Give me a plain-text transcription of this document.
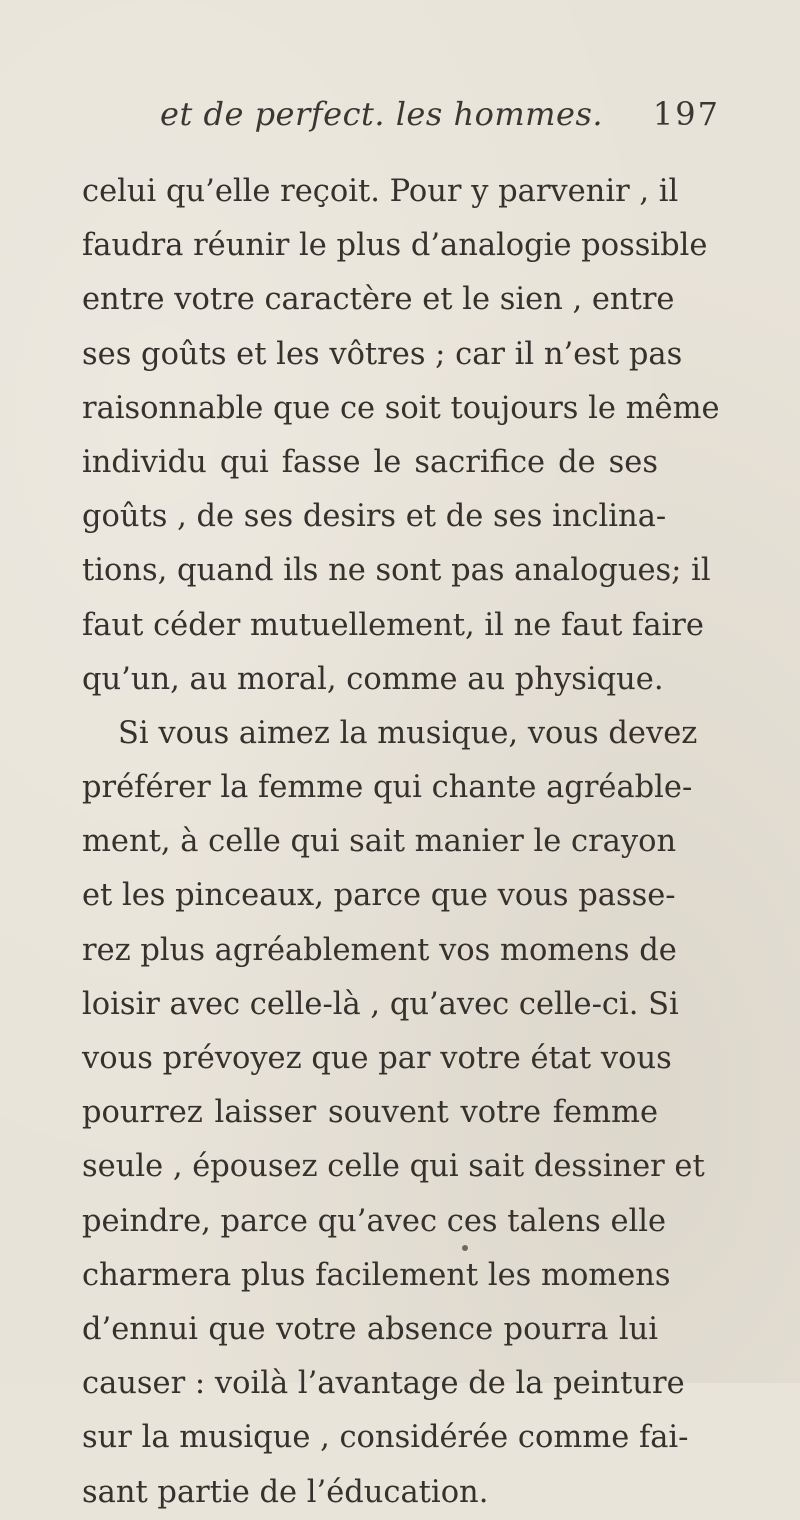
et de perfect. les hommes. 197
celui qu’elle reçoit. Pour y parvenir , il
faudra réunir le plus d’analogie possible
entre votre caractère et le sien , entre
ses goûts et les vôtres ; car il n’est pas
raisonnable que ce soit toujours le même
individu qui fasse le sacrifice de ses
goûts , de ses desirs et de ses inclina-
tions, quand ils ne sont pas analogues; il
faut céder mutuellement, il ne faut faire
qu’un, au moral, comme au physique.
Si vous aimez la musique, vous devez
préférer la femme qui chante agréable-
ment, à celle qui sait manier le crayon
et les pinceaux, parce que vous passe-
rez plus agréablement vos momens de
loisir avec celle-là , qu’avec celle-ci. Si
vous prévoyez que par votre état vous
pourrez laisser souvent votre femme
seule , épousez celle qui sait dessiner et
peindre, parce qu’avec ces talens elle
charmera plus facilement les momens
d’ennui que votre absence pourra lui
causer : voilà l’avantage de la peinture
sur la musique , considérée comme fai-
sant partie de l’éducation.
